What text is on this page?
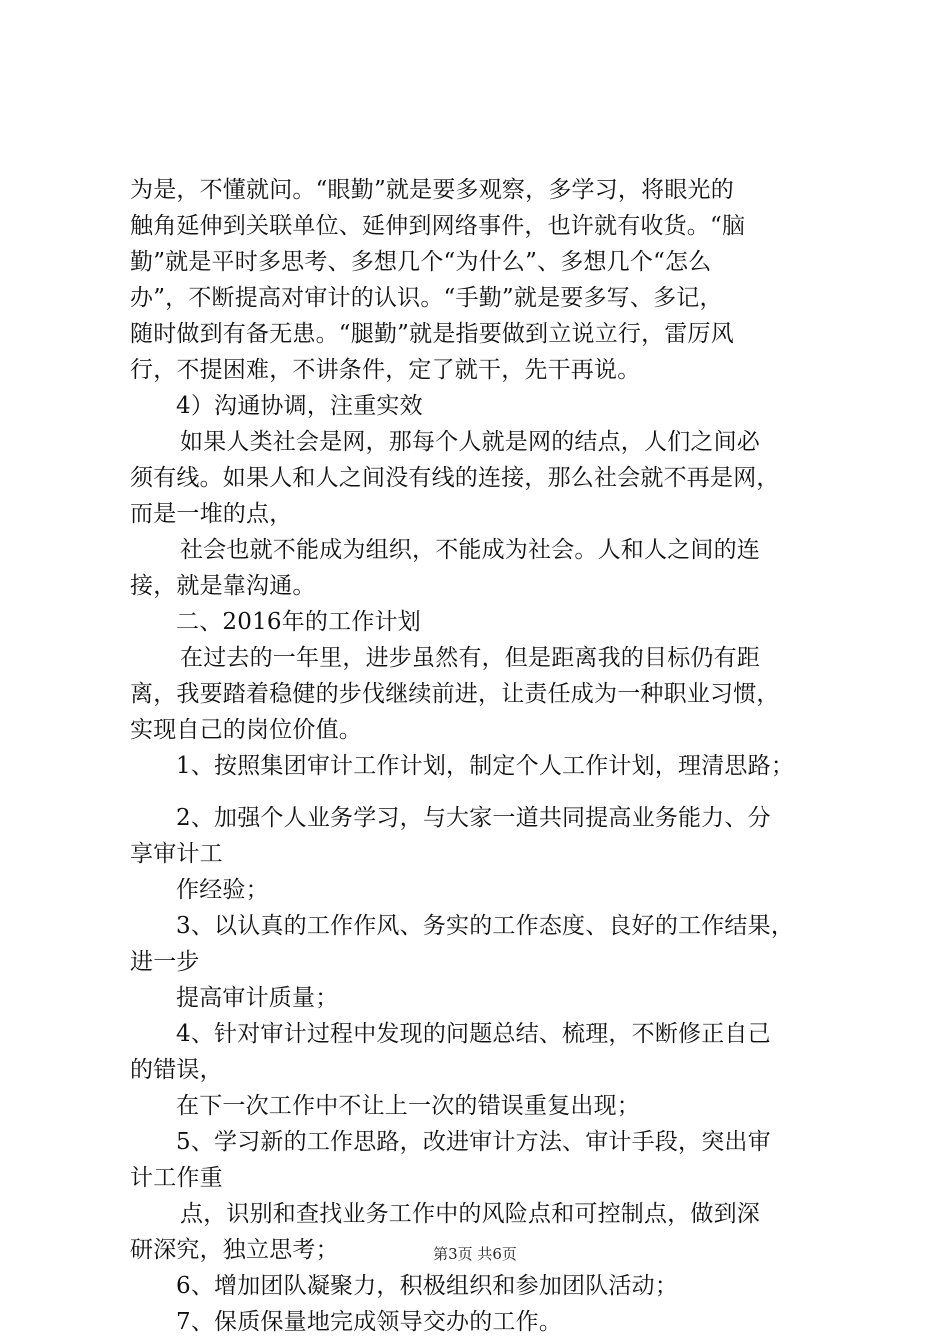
为是，不懂就问。“眼勤”就是要多观察，多学习，将眼光的
触角延伸到关联单位、延伸到网络事件，也许就有收货。“脑
勤”就是平时多思考、多想几个“为什么”、多想几个“怎么
办”，不断提高对审计的认识。“手勤”就是要多写、多记，
随时做到有备无患。“腿勤”就是指要做到立说立行，雷厉风
行，不提困难，不讲条件，定了就干，先干再说。
4）沟通协调，注重实效
如果人类社会是网，那每个人就是网的结点，人们之间必
须有线。如果人和人之间没有线的连接，那么社会就不再是网，
而是一堆的点，
社会也就不能成为组织，不能成为社会。人和人之间的连
接，就是靠沟通。
二、2016年的工作计划
在过去的一年里，进步虽然有，但是距离我的目标仍有距
离，我要踏着稳健的步伐继续前进，让责任成为一种职业习惯，
实现自己的岗位价值。
1、按照集团审计工作计划，制定个人工作计划，理清思路；
2、加强个人业务学习，与大家一道共同提高业务能力、分
享审计工
作经验；
3、以认真的工作作风、务实的工作态度、良好的工作结果，
进一步
提高审计质量；
4、针对审计过程中发现的问题总结、梳理，不断修正自己
的错误，
在下一次工作中不让上一次的错误重复出现；
5、学习新的工作思路，改进审计方法、审计手段，突出审
计工作重
点，识别和查找业务工作中的风险点和可控制点，做到深
研深究，独立思考；
6、增加团队凝聚力，积极组织和参加团队活动；
7、保质保量地完成领导交办的工作。
第3页 共6页
